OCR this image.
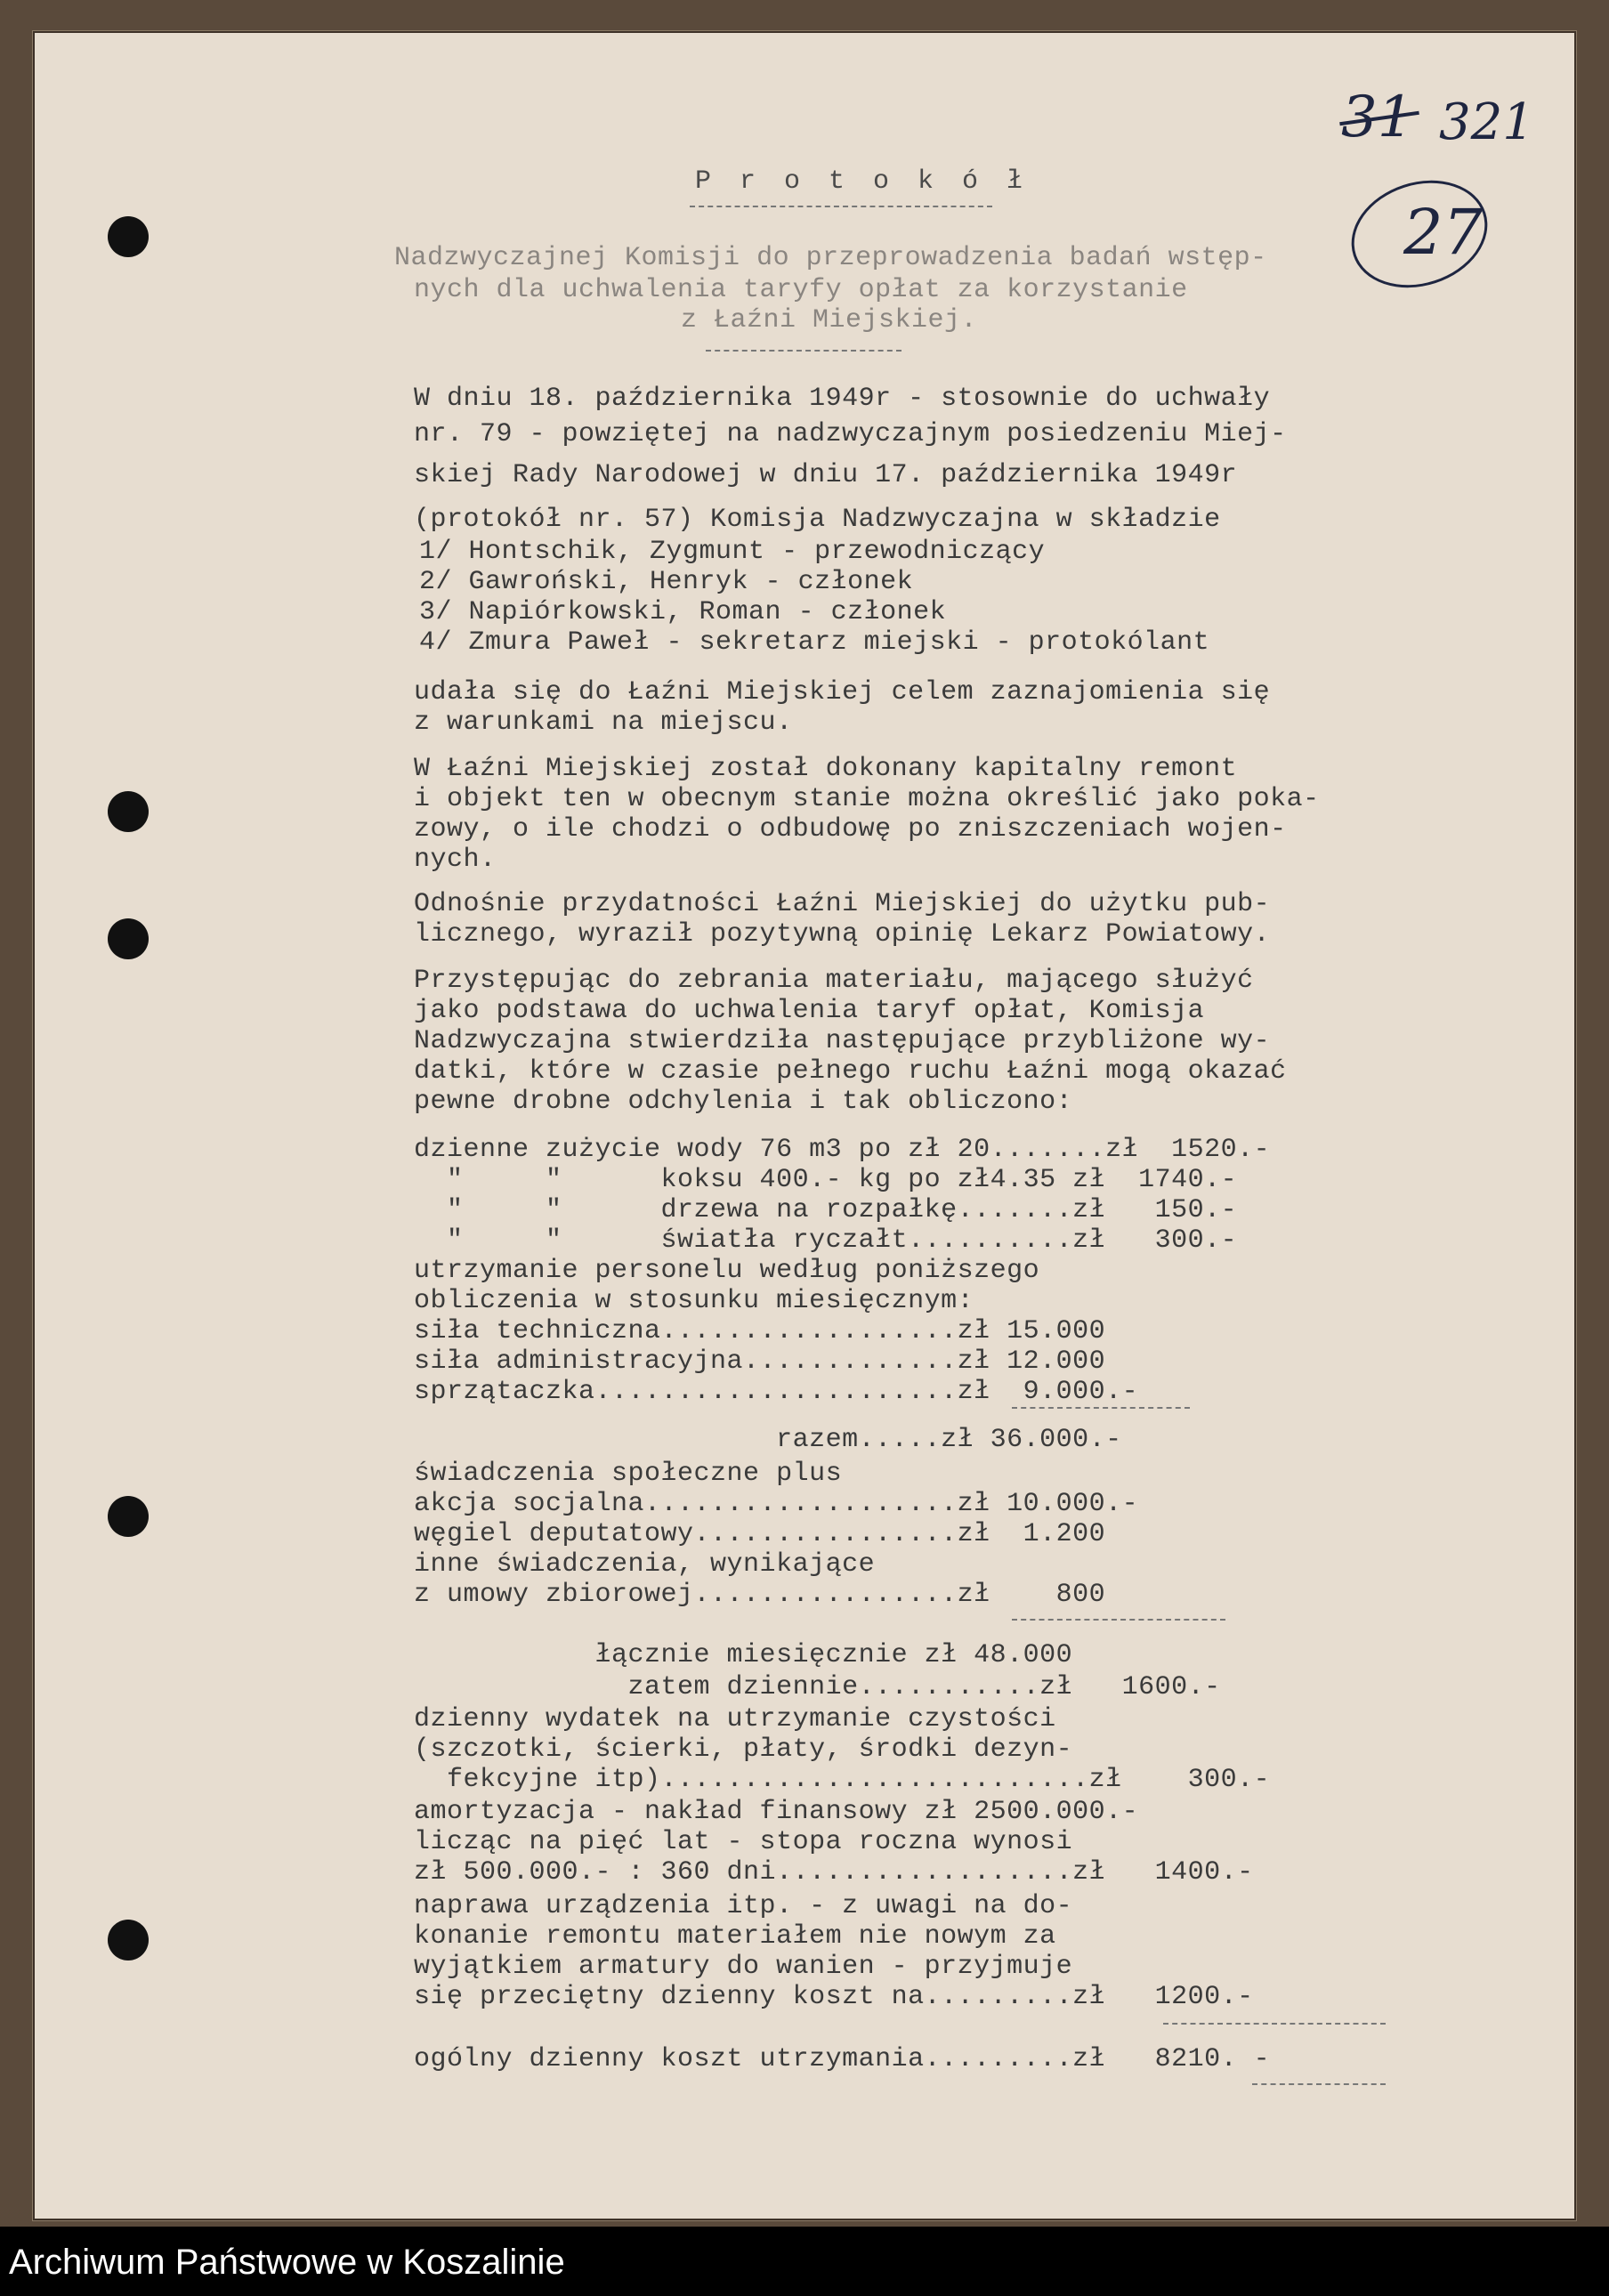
31 321
27
P r o t o k ó ł
Nadzwyczajnej Komisji do przeprowadzenia badań wstęp-
nych dla uchwalenia taryfy opłat za korzystanie
z Łaźni Miejskiej.
W dniu 18. października 1949r - stosownie do uchwały
nr. 79 - powziętej na nadzwyczajnym posiedzeniu Miej-
skiej Rady Narodowej w dniu 17. października 1949r
(protokół nr. 57) Komisja Nadzwyczajna w składzie
1/ Hontschik, Zygmunt - przewodniczący
2/ Gawroński, Henryk - członek
3/ Napiórkowski, Roman - członek
4/ Zmura Paweł - sekretarz miejski - protokólant
udała się do Łaźni Miejskiej celem zaznajomienia się
z warunkami na miejscu.
W Łaźni Miejskiej został dokonany kapitalny remont
i objekt ten w obecnym stanie można określić jako poka-
zowy, o ile chodzi o odbudowę po zniszczeniach wojen-
nych.
Odnośnie przydatności Łaźni Miejskiej do użytku pub-
licznego, wyraził pozytywną opinię Lekarz Powiatowy.
Przystępując do zebrania materiału, mającego służyć
jako podstawa do uchwalenia taryf opłat, Komisja
Nadzwyczajna stwierdziła następujące przybliżone wy-
datki, które w czasie pełnego ruchu Łaźni mogą okazać
pewne drobne odchylenia i tak obliczono:
dzienne zużycie wody 76 m3 po zł 20.......zł  1520.-
"     "      koksu 400.- kg po zł4.35 zł  1740.-
"     "      drzewa na rozpałkę.......zł   150.-
"     "      światła ryczałt..........zł   300.-
utrzymanie personelu według poniższego
obliczenia w stosunku miesięcznym:
siła techniczna..................zł 15.000
siła administracyjna.............zł 12.000
sprzątaczka......................zł  9.000.-
razem.....zł 36.000.-
świadczenia społeczne plus
akcja socjalna...................zł 10.000.-
węgiel deputatowy................zł  1.200
inne świadczenia, wynikające
z umowy zbiorowej................zł    800
łącznie miesięcznie zł 48.000
zatem dziennie...........zł   1600.-
dzienny wydatek na utrzymanie czystości
(szczotki, ścierki, płaty, środki dezyn-
fekcyjne itp)..........................zł    300.-
amortyzacja - nakład finansowy zł 2500.000.-
licząc na pięć lat - stopa roczna wynosi
zł 500.000.- : 360 dni..................zł   1400.-
naprawa urządzenia itp. - z uwagi na do-
konanie remontu materiałem nie nowym za
wyjątkiem armatury do wanien - przyjmuje
się przeciętny dzienny koszt na.........zł   1200.-
ogólny dzienny koszt utrzymania.........zł   8210. -
Archiwum Państwowe w Koszalinie
